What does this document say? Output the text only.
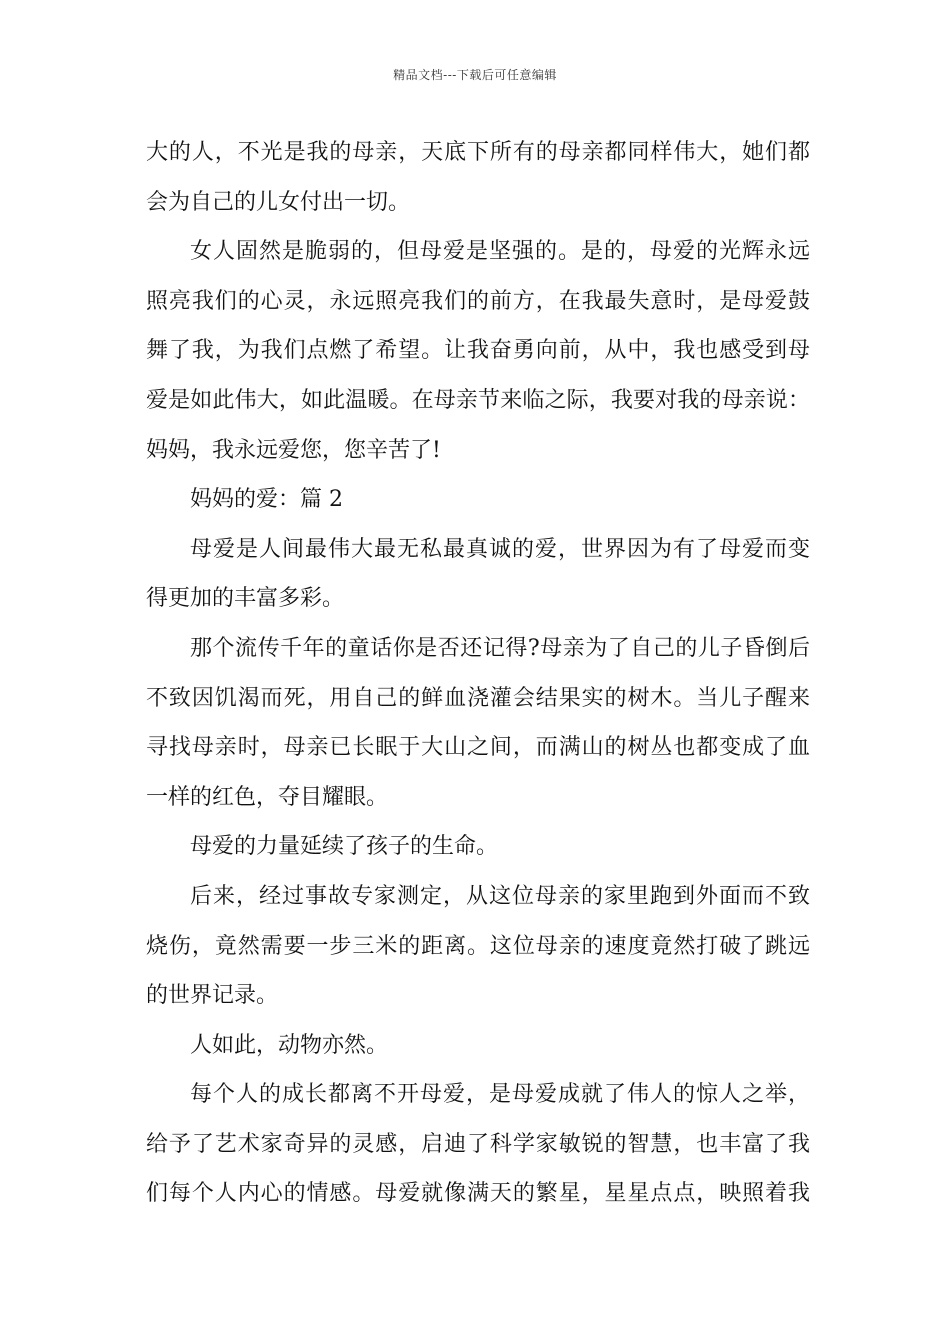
精品文档---下载后可任意编辑
大的人，不光是我的母亲，天底下所有的母亲都同样伟大，她们都
会为自己的儿女付出一切。
女人固然是脆弱的，但母爱是坚强的。是的，母爱的光辉永远
照亮我们的心灵，永远照亮我们的前方，在我最失意时，是母爱鼓
舞了我，为我们点燃了希望。让我奋勇向前，从中，我也感受到母
爱是如此伟大，如此温暖。在母亲节来临之际，我要对我的母亲说：
妈妈，我永远爱您，您辛苦了!
妈妈的爱：篇 2
母爱是人间最伟大最无私最真诚的爱，世界因为有了母爱而变
得更加的丰富多彩。
那个流传千年的童话你是否还记得?母亲为了自己的儿子昏倒后
不致因饥渴而死，用自己的鲜血浇灌会结果实的树木。当儿子醒来
寻找母亲时，母亲已长眠于大山之间，而满山的树丛也都变成了血
一样的红色，夺目耀眼。
母爱的力量延续了孩子的生命。
后来，经过事故专家测定，从这位母亲的家里跑到外面而不致
烧伤，竟然需要一步三米的距离。这位母亲的速度竟然打破了跳远
的世界记录。
人如此，动物亦然。
每个人的成长都离不开母爱，是母爱成就了伟人的惊人之举，
给予了艺术家奇异的灵感，启迪了科学家敏锐的智慧，也丰富了我
们每个人内心的情感。母爱就像满天的繁星，星星点点，映照着我
